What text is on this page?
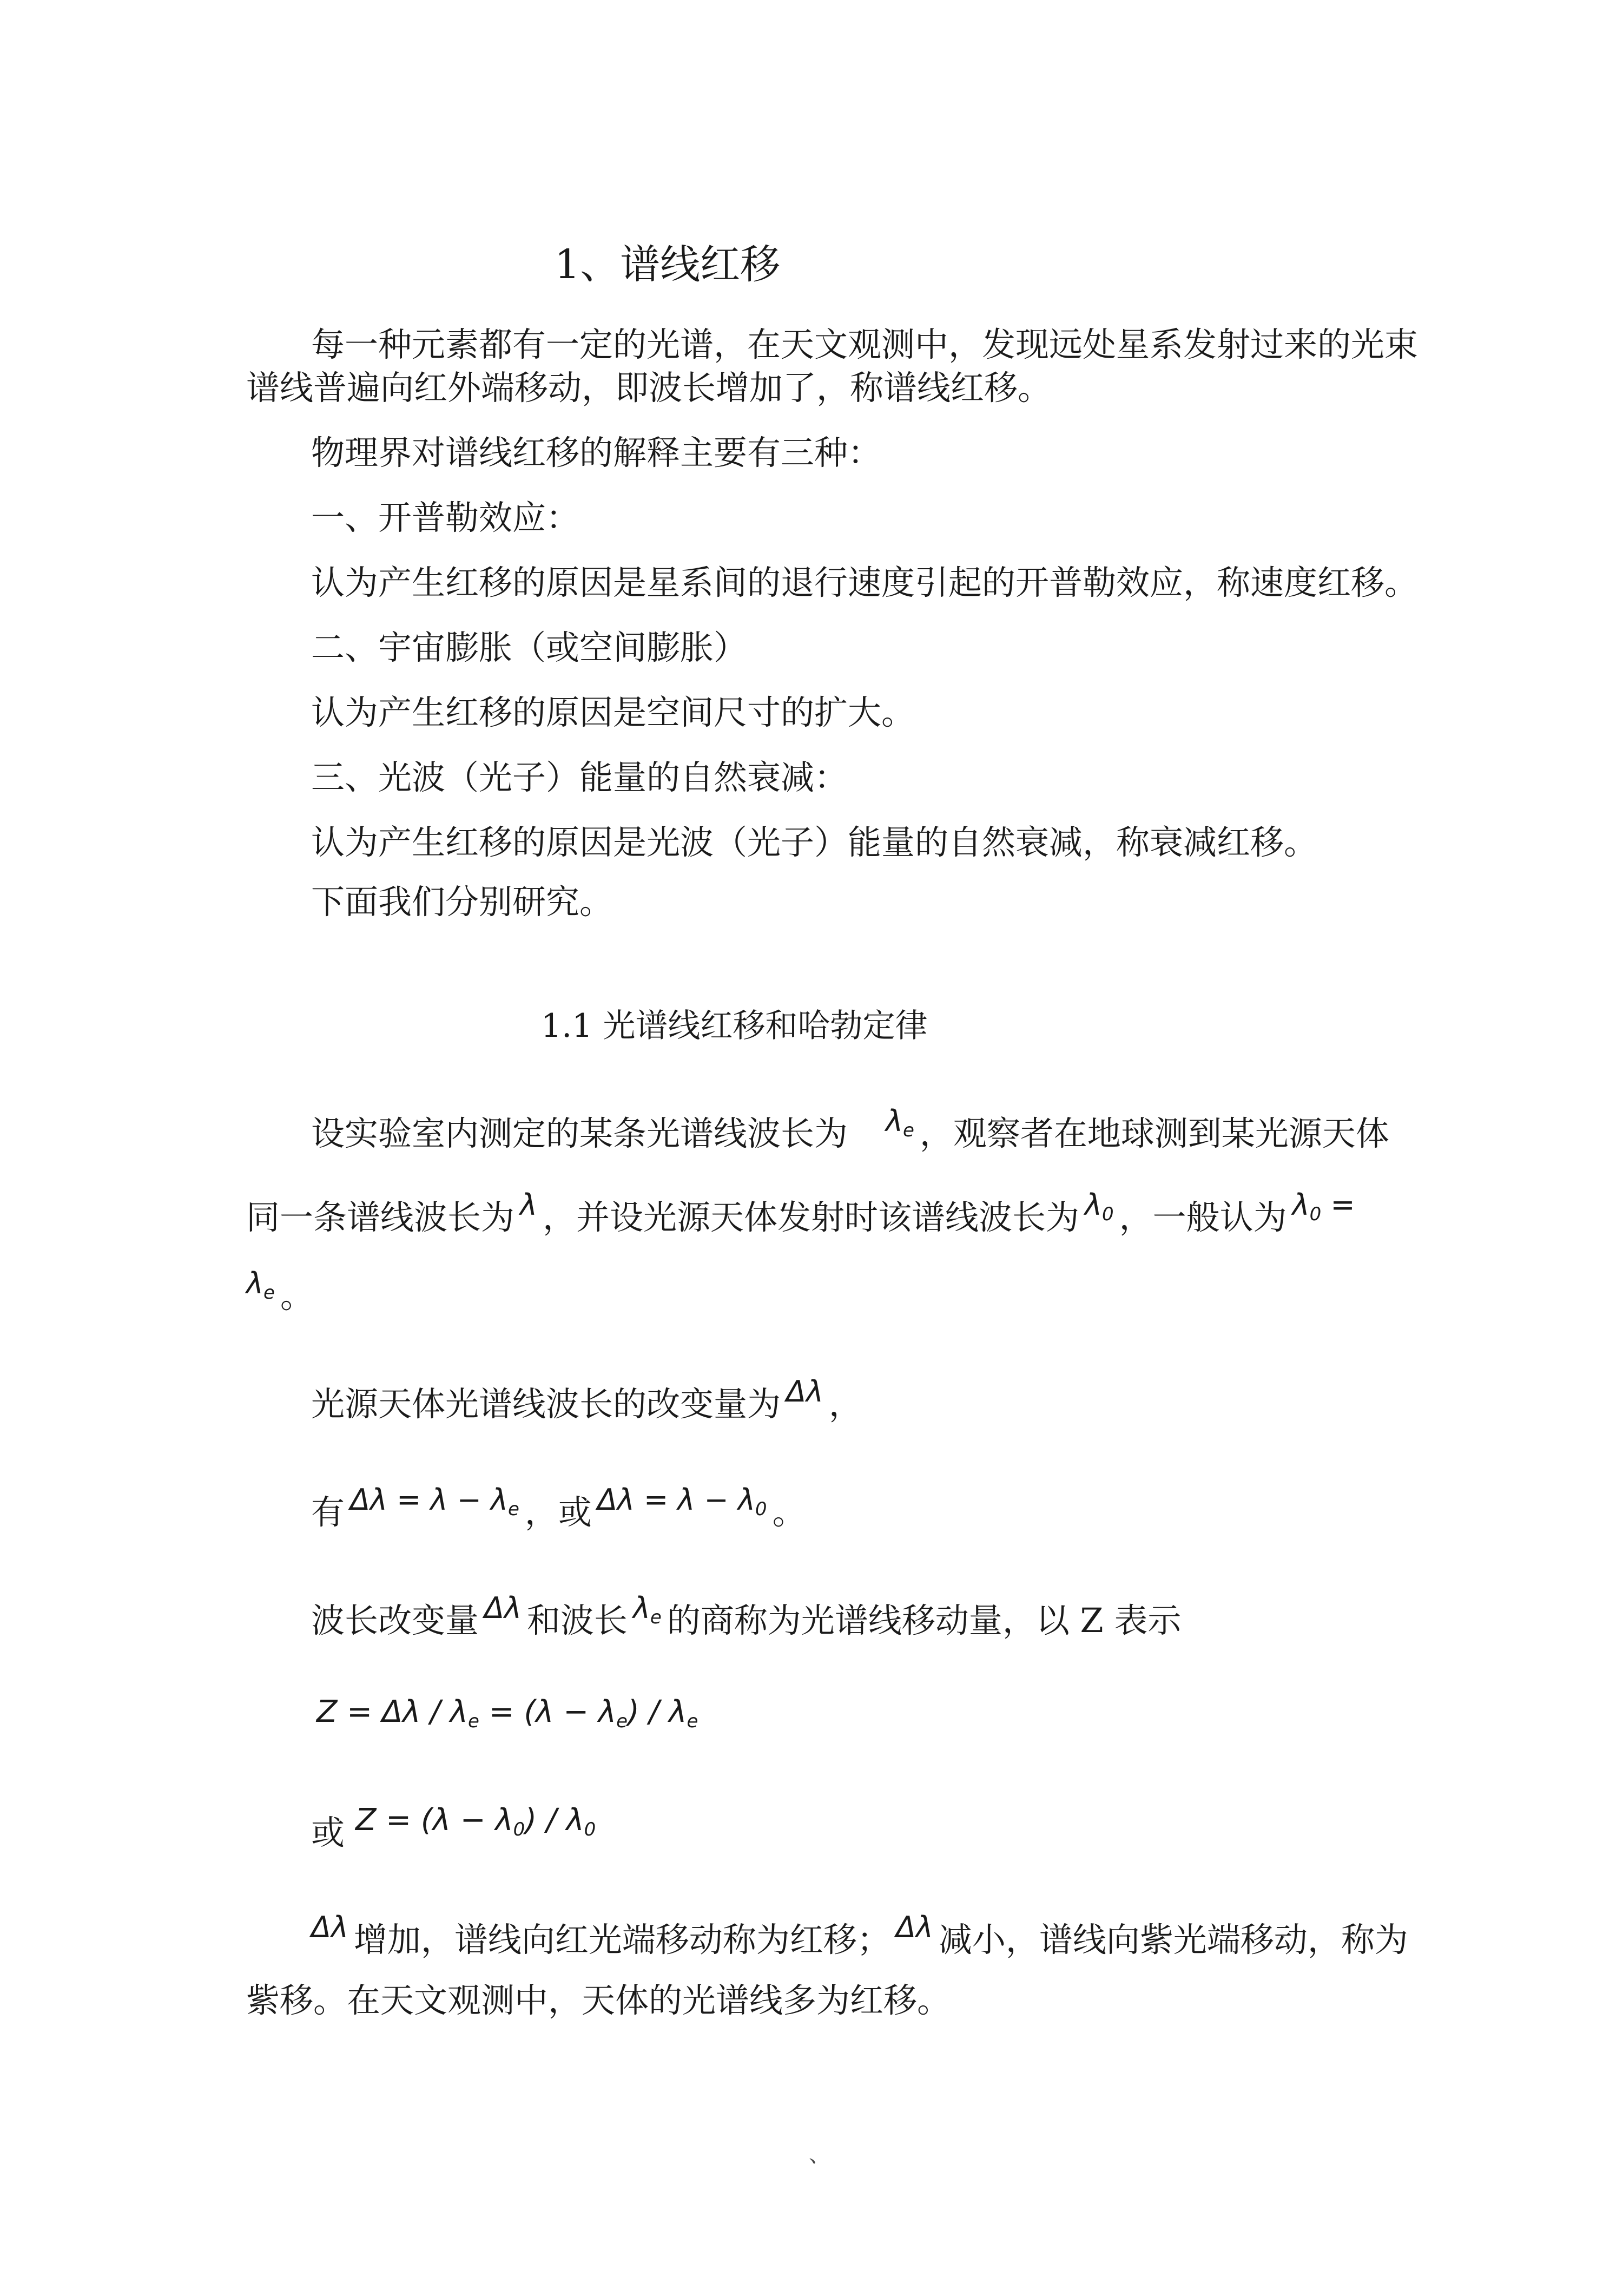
1、谱线红移
每一种元素都有一定的光谱，在天文观测中，发现远处星系发射过来的光束
谱线普遍向红外端移动，即波长增加了，称谱线红移。
物理界对谱线红移的解释主要有三种：
一、开普勒效应：
认为产生红移的原因是星系间的退行速度引起的开普勒效应，称速度红移。
二、宇宙膨胀（或空间膨胀）
认为产生红移的原因是空间尺寸的扩大。
三、光波（光子）能量的自然衰减：
认为产生红移的原因是光波（光子）能量的自然衰减，称衰减红移。
下面我们分别研究。
1.1 光谱线红移和哈勃定律
设实验室内测定的某条光谱线波长为 $\lambda_e$ ，观察者在地球测到某光源天体
同一条谱线波长为 λ ，并设光源天体发射时该谱线波长为 $\lambda_0$ ，一般认为 $\lambda_0$ =
$\lambda_e$ 。
光源天体光谱线波长的改变量为 Δλ ，
有 $\Delta\lambda = \lambda - \lambda_e$ ，或 $\Delta\lambda = \lambda - \lambda_0$ 。
波长改变量 Δλ 和波长 $\lambda_e$ 的商称为光谱线移动量，以 Z 表示
$Z = \Delta\lambda / \lambda_e = (\lambda - \lambda_e) / \lambda_e$
或 $Z = (\lambda - \lambda_0) / \lambda_0$
Δλ 增加，谱线向红光端移动称为红移； Δλ 减小，谱线向紫光端移动，称为
紫移。在天文观测中，天体的光谱线多为红移。
、
